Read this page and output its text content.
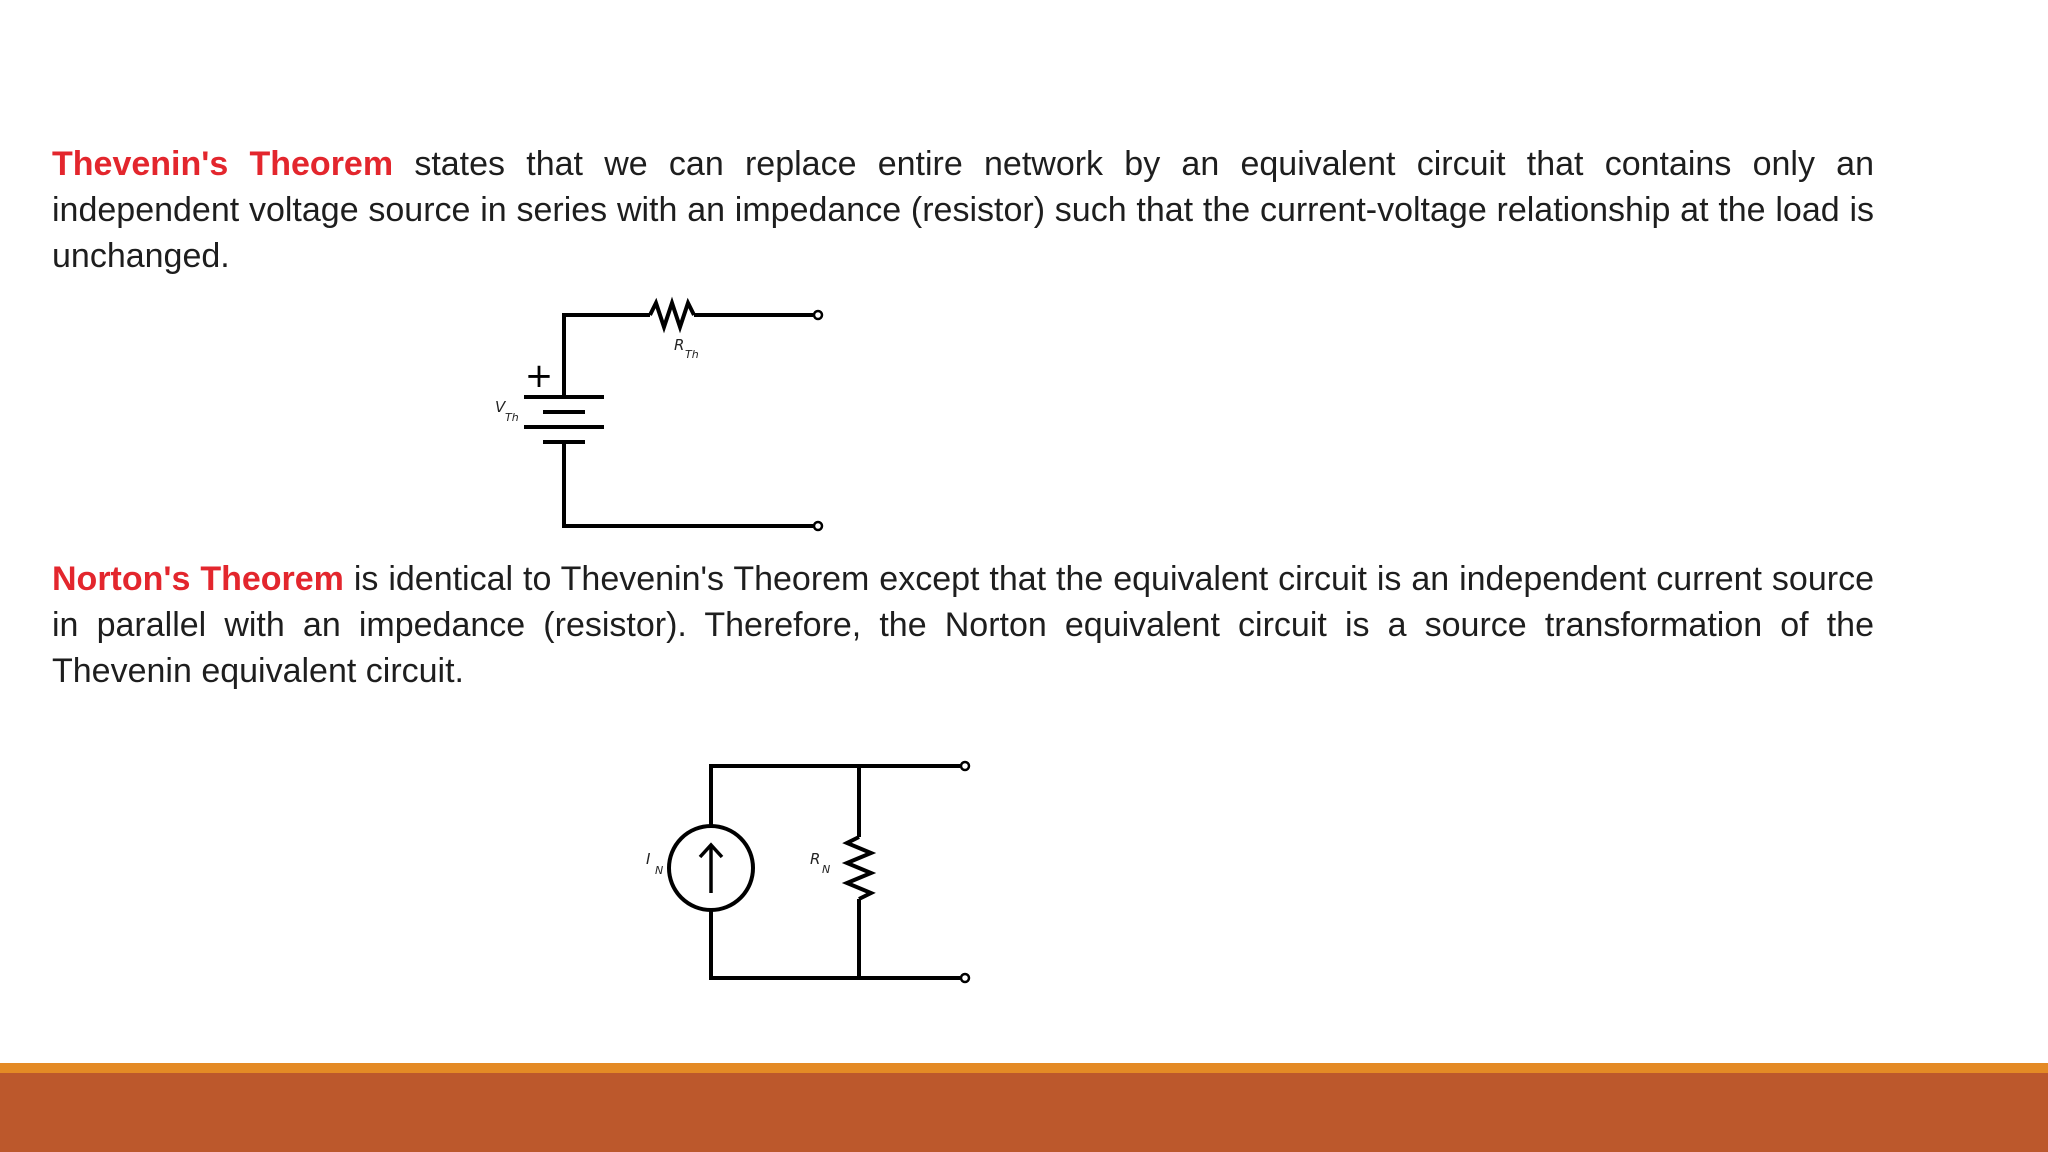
Thevenin's Theorem states that we can replace entire network by an equivalent circuit that contains only an independent voltage source in series with an impedance (resistor) such that the current-voltage relationship at the load is unchanged.

+
V
Th
R
Th

Norton's Theorem is identical to Thevenin's Theorem except that the equivalent circuit is an independent current source in parallel with an impedance (resistor). Therefore, the Norton equivalent circuit is a source transformation of the Thevenin equivalent circuit.

I
N
R
N
